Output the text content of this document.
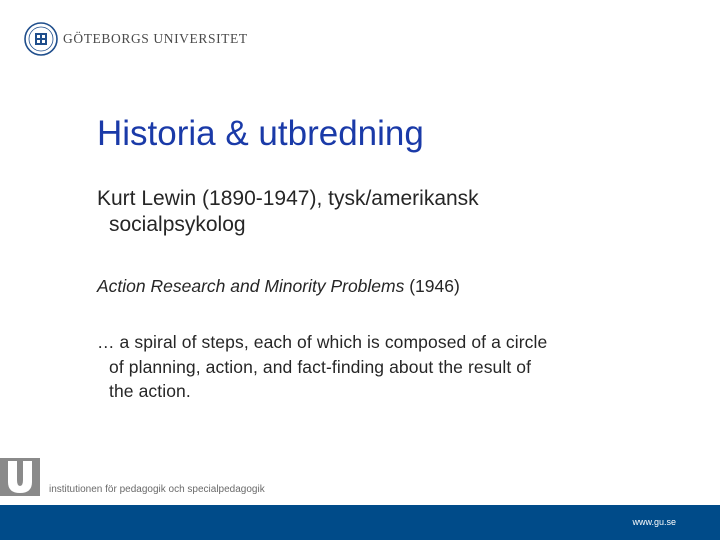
GÖTEBORGS UNIVERSITET
Historia & utbredning
Kurt Lewin (1890-1947), tysk/amerikansk
socialpsykolog
Action Research and Minority Problems (1946)
… a spiral of steps, each of which is composed of a circle
of planning, action, and fact-finding about the result of
the action.
institutionen för pedagogik och specialpedagogik
www.gu.se
